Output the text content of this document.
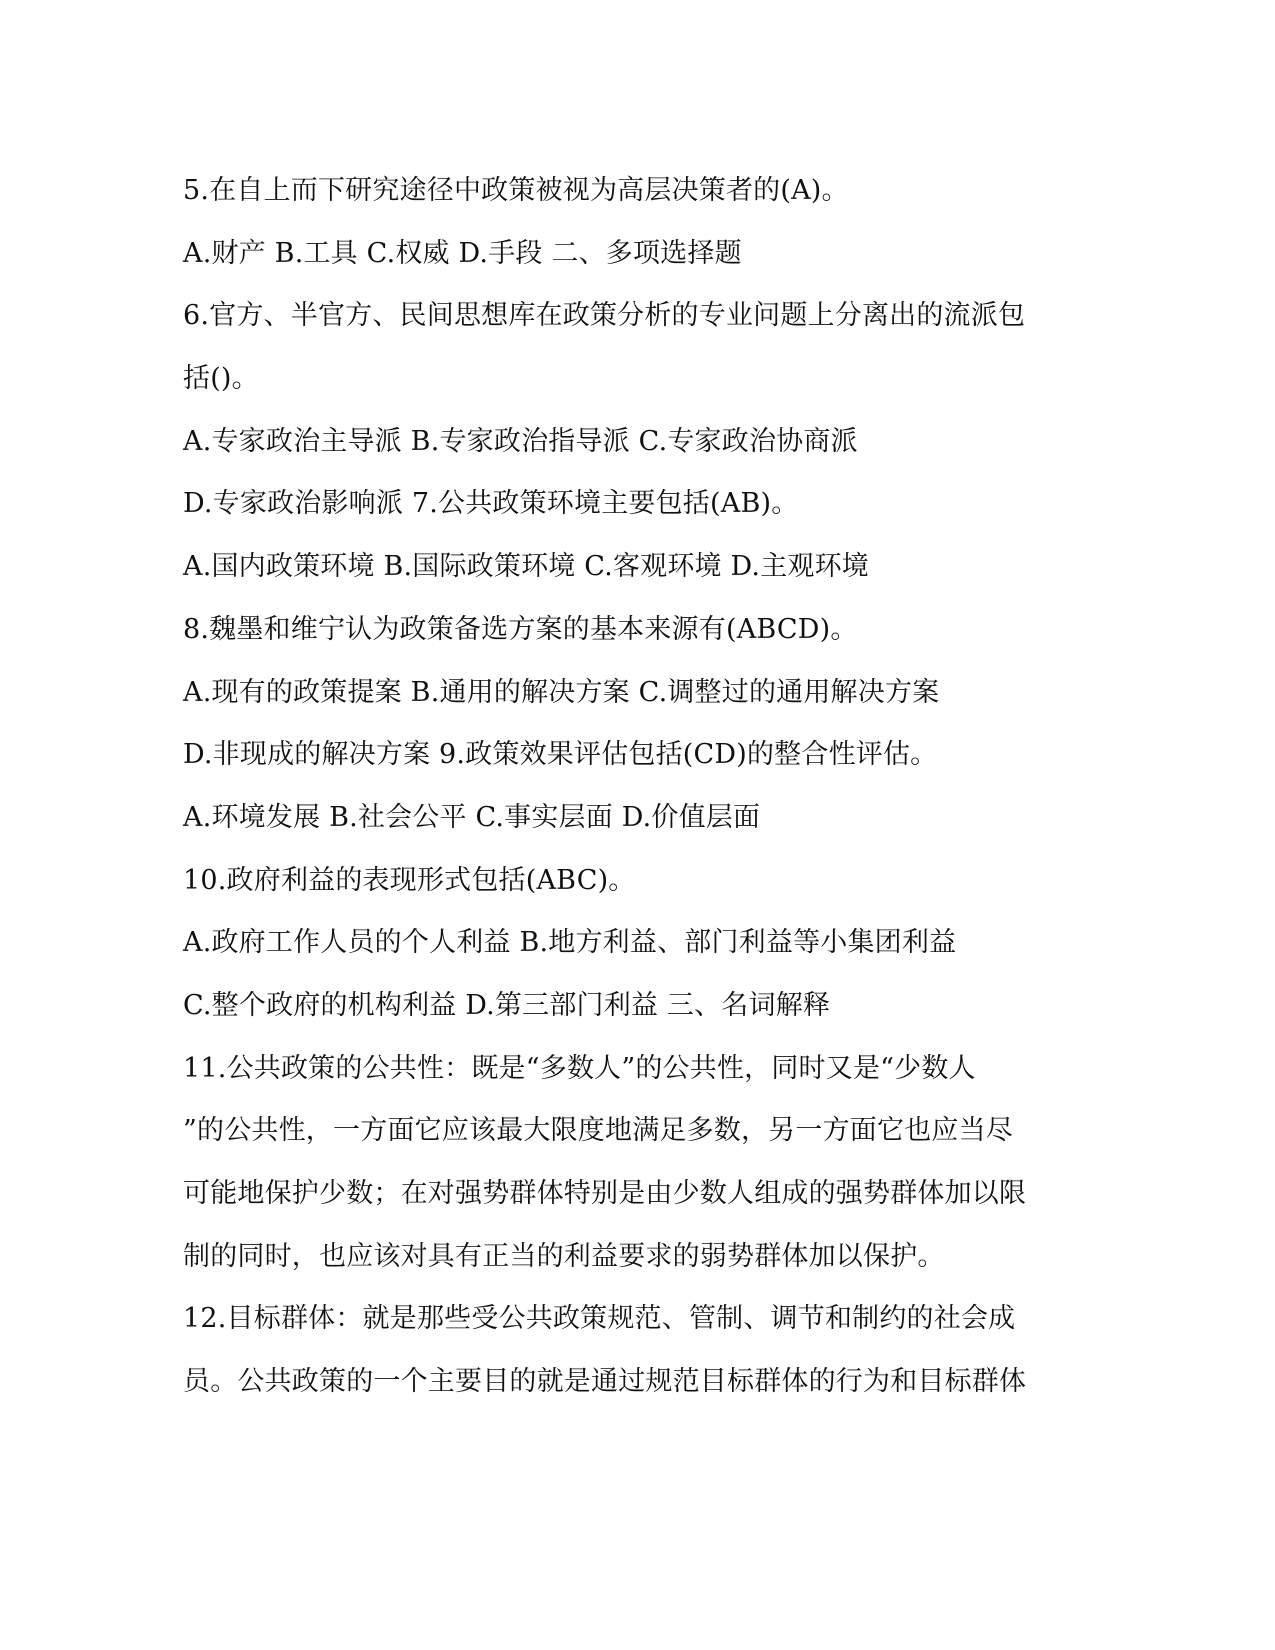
5.在自上而下研究途径中政策被视为高层决策者的(A)。
A.财产 B.工具 C.权威 D.手段 二、多项选择题
6.官方、半官方、民间思想库在政策分析的专业问题上分离出的流派包
括()。
A.专家政治主导派 B.专家政治指导派 C.专家政治协商派
D.专家政治影响派 7.公共政策环境主要包括(AB)。
A.国内政策环境 B.国际政策环境 C.客观环境 D.主观环境
8.魏墨和维宁认为政策备选方案的基本来源有(ABCD)。
A.现有的政策提案 B.通用的解决方案 C.调整过的通用解决方案
D.非现成的解决方案 9.政策效果评估包括(CD)的整合性评估。
A.环境发展 B.社会公平 C.事实层面 D.价值层面
10.政府利益的表现形式包括(ABC)。
A.政府工作人员的个人利益 B.地方利益、部门利益等小集团利益
C.整个政府的机构利益 D.第三部门利益 三、名词解释
11.公共政策的公共性：既是“多数人”的公共性，同时又是“少数人
”的公共性，一方面它应该最大限度地满足多数，另一方面它也应当尽
可能地保护少数；在对强势群体特别是由少数人组成的强势群体加以限
制的同时，也应该对具有正当的利益要求的弱势群体加以保护。
12.目标群体：就是那些受公共政策规范、管制、调节和制约的社会成
员。公共政策的一个主要目的就是通过规范目标群体的行为和目标群体
